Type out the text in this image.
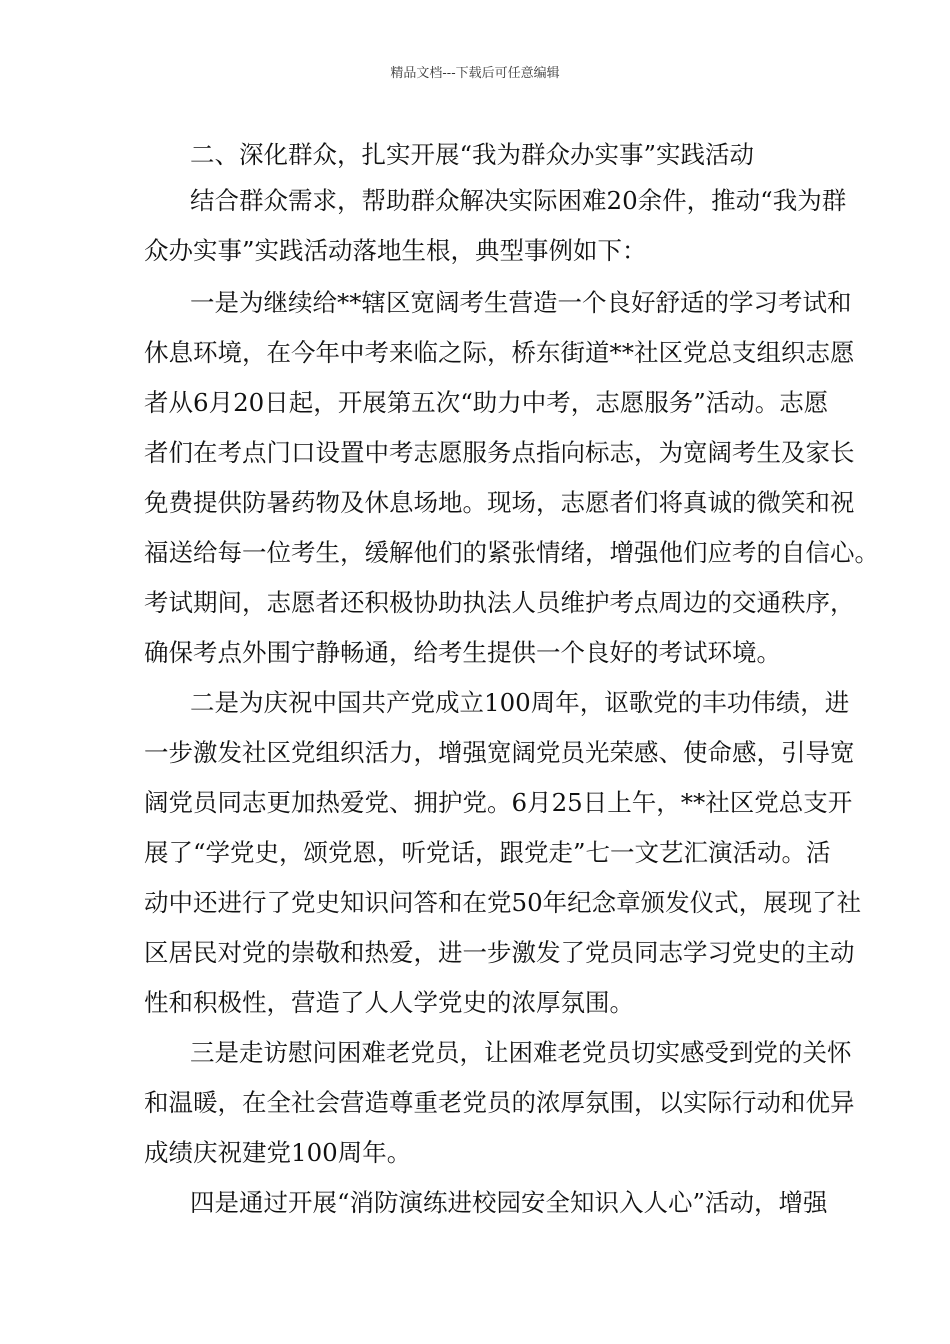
精品文档---下载后可任意编辑
二、深化群众，扎实开展“我为群众办实事”实践活动
结合群众需求，帮助群众解决实际困难20余件，推动“我为群
众办实事”实践活动落地生根，典型事例如下：
一是为继续给**辖区宽阔考生营造一个良好舒适的学习考试和
休息环境，在今年中考来临之际，桥东街道**社区党总支组织志愿
者从6月20日起，开展第五次“助力中考，志愿服务”活动。志愿
者们在考点门口设置中考志愿服务点指向标志，为宽阔考生及家长
免费提供防暑药物及休息场地。现场，志愿者们将真诚的微笑和祝
福送给每一位考生，缓解他们的紧张情绪，增强他们应考的自信心。
考试期间，志愿者还积极协助执法人员维护考点周边的交通秩序，
确保考点外围宁静畅通，给考生提供一个良好的考试环境。
二是为庆祝中国共产党成立100周年，讴歌党的丰功伟绩，进
一步激发社区党组织活力，增强宽阔党员光荣感、使命感，引导宽
阔党员同志更加热爱党、拥护党。6月25日上午，**社区党总支开
展了“学党史，颂党恩，听党话，跟党走”七一文艺汇演活动。活
动中还进行了党史知识问答和在党50年纪念章颁发仪式，展现了社
区居民对党的崇敬和热爱，进一步激发了党员同志学习党史的主动
性和积极性，营造了人人学党史的浓厚氛围。
三是走访慰问困难老党员，让困难老党员切实感受到党的关怀
和温暖，在全社会营造尊重老党员的浓厚氛围，以实际行动和优异
成绩庆祝建党100周年。
四是通过开展“消防演练进校园安全知识入人心”活动，增强
